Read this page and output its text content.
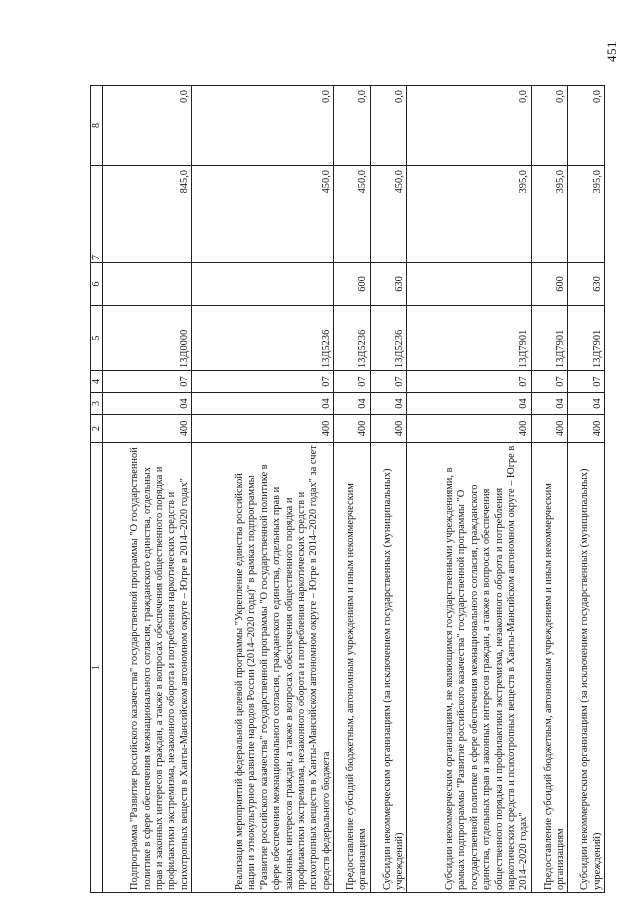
451
1	2	3	4	5	6	7	8
Подпрограмма "Развитие российского казачества" государственной программы "О государственной политике в сфере обеспечения межнационального согласия, гражданского единства, отдельных прав и законных интересов граждан, а также в вопросах обеспечения общественного порядка и профилактики экстремизма, незаконного оборота и потребления наркотических средств и психотропных веществ в Ханты-Мансийском автономном округе – Югре в 2014–2020 годах"	400	04	07	13Д0000		845,0	0,0
Реализация мероприятий федеральной целевой программы "Укрепление единства российской нации и этнокультурное развитие народов России (2014–2020 годы)" в рамках подпрограммы "Развитие российского казачества" государственной программы "О государственной политике в сфере обеспечения межнационального согласия, гражданского единства, отдельных прав и законных интересов граждан, а также в вопросах обеспечения общественного порядка и профилактики экстремизма, незаконного оборота и потребления наркотических средств и психотропных веществ в Ханты-Мансийском автономном округе – Югре в 2014–2020 годах" за счет средств федерального бюджета	400	04	07	13Д5236		450,0	0,0
Предоставление субсидий бюджетным, автономным учреждениям и иным некоммерческим организациям	400	04	07	13Д5236	600	450,0	0,0
Субсидии некоммерческим организациям (за исключением государственных (муниципальных) учреждений)	400	04	07	13Д5236	630	450,0	0,0
Субсидии некоммерческим организациям, не являющимся государственными учреждениями, в рамках подпрограммы "Развитие российского казачества" государственной программы "О государственной политике в сфере обеспечения межнационального согласия, гражданского единства, отдельных прав и законных интересов граждан, а также в вопросах обеспечения общественного порядка и профилактики экстремизма, незаконного оборота и потребления наркотических средств и психотропных веществ в Ханты-Мансийском автономном округе – Югре в 2014–2020 годах"	400	04	07	13Д7901		395,0	0,0
Предоставление субсидий бюджетным, автономным учреждениям и иным некоммерческим организациям	400	04	07	13Д7901	600	395,0	0,0
Субсидии некоммерческим организациям (за исключением государственных (муниципальных) учреждений)	400	04	07	13Д7901	630	395,0	0,0
